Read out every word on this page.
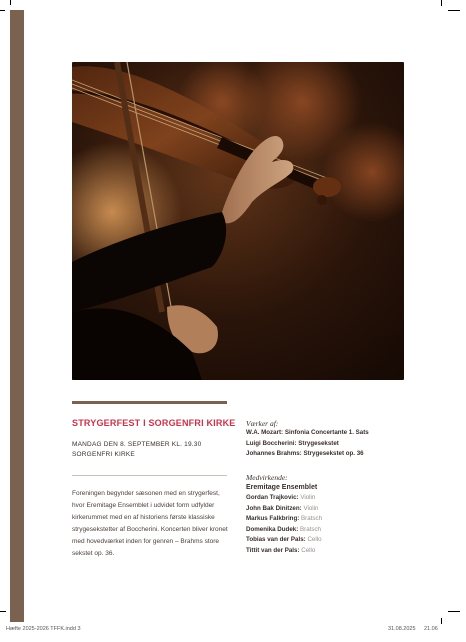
STRYGERFEST I SORGENFRI KIRKE
MANDAG DEN 8. SEPTEMBER KL. 19.30
SORGENFRI KIRKE
Foreningen begynder sæsonen med en strygerfest, hvor Eremitage Ensemblet i udvidet form udfylder kirkerummet med en af historiens første klassiske strygesekstetter af Boccherini. Koncerten bliver kronet med hovedværket inden for genren – Brahms store sekstet op. 36.
Værker af:
W.A. Mozart: Sinfonia Concertante 1. Sats
Luigi Boccherini: Strygesekstet
Johannes Brahms: Strygesekstet op. 36
Medvirkende:
Eremitage Ensemblet
Gordan Trajkovic: Violin
John Bak Dinitzen: Violin
Markus Falkbring: Bratsch
Domenika Dudek: Bratsch
Tobias van der Pals: Cello
Tittit van der Pals: Cello
Hæfte 2025-2026 TFFK.indd 3	31.08.2025 21.06
